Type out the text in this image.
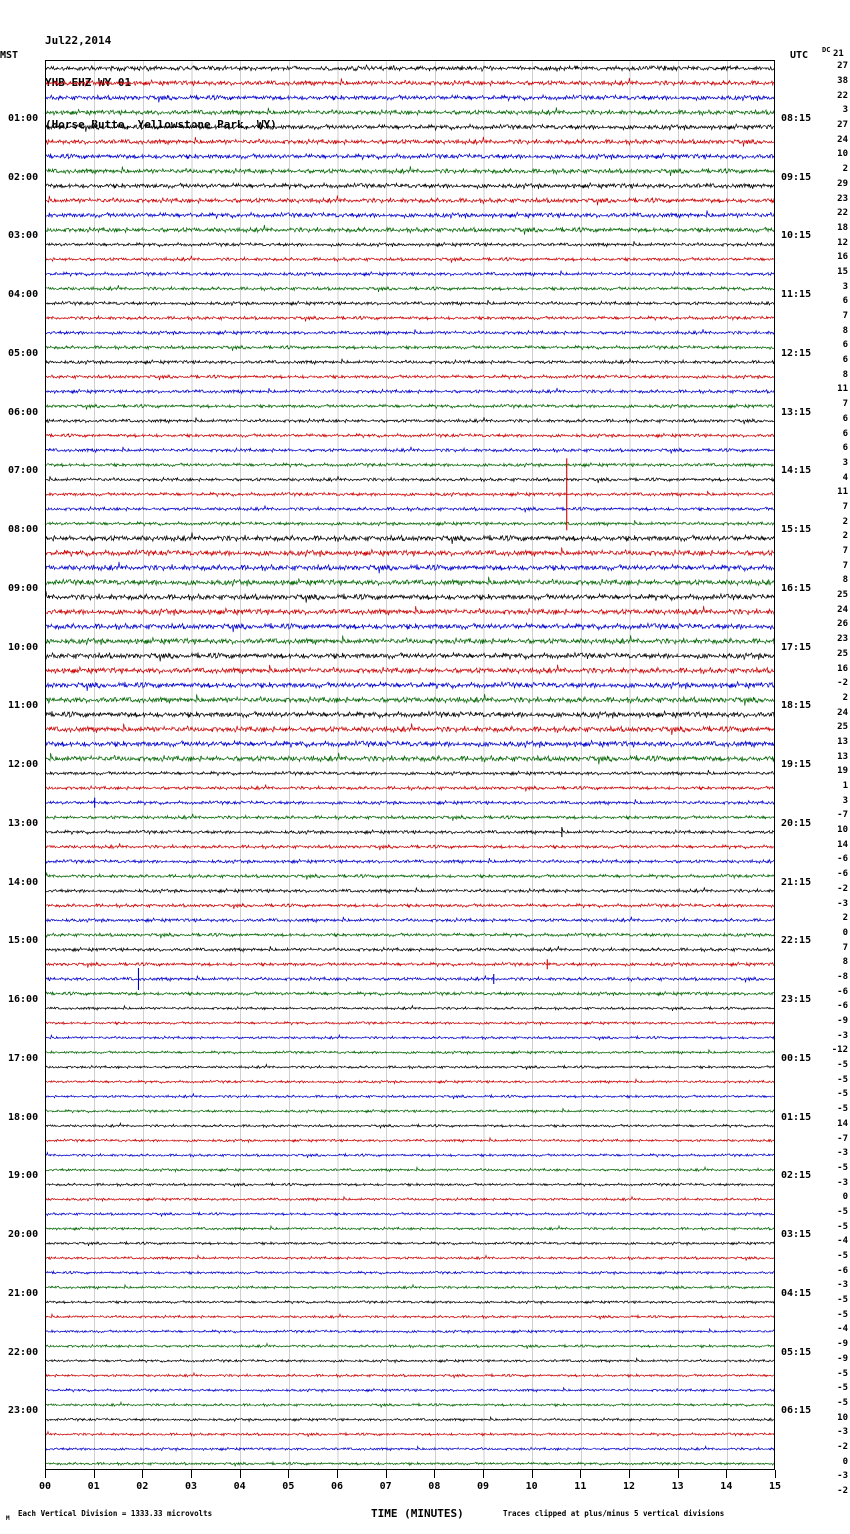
Jul22,2014

YHB EHZ WY 01

(Horse Butte, Yellowstone Park, WY)

MST	UTC DC 21
01:00
02:00
03:00
04:00
05:00
06:00
07:00
08:00
09:00
10:00
11:00
12:00
13:00
14:00
15:00
16:00
17:00
18:00
19:00
20:00
21:00
22:00
23:00
08:15
09:15
10:15
11:15
12:15
13:15
14:15
15:15
16:15
17:15
18:15
19:15
20:15
21:15
22:15
23:15
00:15
01:15
02:15
03:15
04:15
05:15
06:15
27
38
22
3
27
24
10
2
29
23
22
18
12
16
15
3
6
7
8
6
6
8
11
7
6
6
6
3
4
11
7
2
2
7
7
8
25
24
26
23
25
16
-2
2
24
25
13
13
19
1
3
-7
10
14
-6
-6
-2
-3
2
0
7
8
-8
-6
-6
-9
-3
-12
-5
-5
-5
-5
14
-7
-3
-5
-3
0
-5
-5
-4
-5
-6
-3
-5
-5
-4
-9
-9
-5
-5
-5
10
-3
-2
0
-3
-2
00	01	02	03	04	05	06	07	08	09	10	11	12	13	14	15
M
Each Vertical Division = 1333.33 microvolts	TIME (MINUTES)	Traces clipped at plus/minus 5 vertical divisions
